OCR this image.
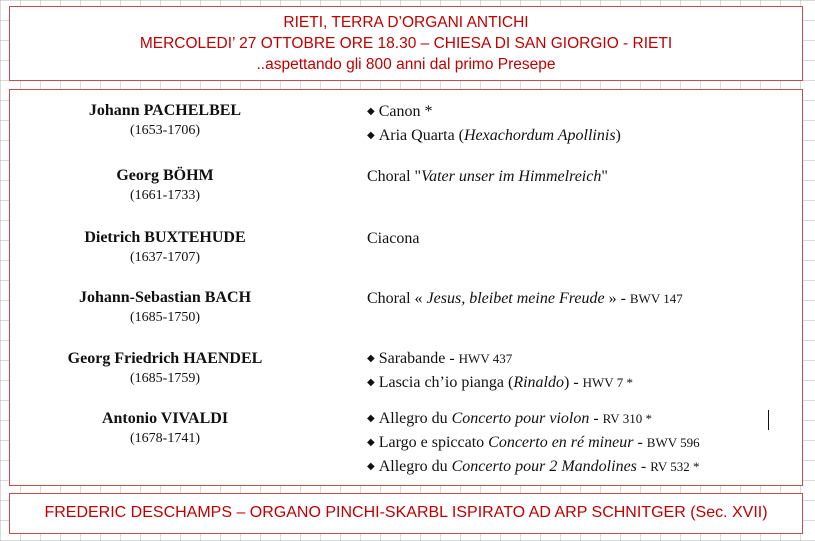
RIETI, TERRA D’ORGANI ANTICHI
MERCOLEDI’ 27 OTTOBRE ORE 18.30 – CHIESA DI SAN GIORGIO - RIETI
..aspettando gli 800 anni dal primo Presepe
Johann PACHELBEL
(1653-1706)
Georg BÖHM
(1661-1733)
Dietrich BUXTEHUDE
(1637-1707)
Johann-Sebastian BACH
(1685-1750)
Georg Friedrich HAENDEL
(1685-1759)
Antonio VIVALDI
(1678-1741)
◆ Canon *
◆ Aria Quarta (Hexachordum Apollinis)
Choral "Vater unser im Himmelreich"
Ciacona
Choral « Jesus, bleibet meine Freude » - BWV 147
◆ Sarabande - HWV 437
◆ Lascia ch’io pianga (Rinaldo) - HWV 7 *
◆ Allegro du Concerto pour violon - RV 310 *
◆ Largo e spiccato Concerto en ré mineur - BWV 596
◆ Allegro du Concerto pour 2 Mandolines - RV 532 *
FREDERIC DESCHAMPS – ORGANO PINCHI-SKARBL ISPIRATO AD ARP SCHNITGER (Sec. XVII)
